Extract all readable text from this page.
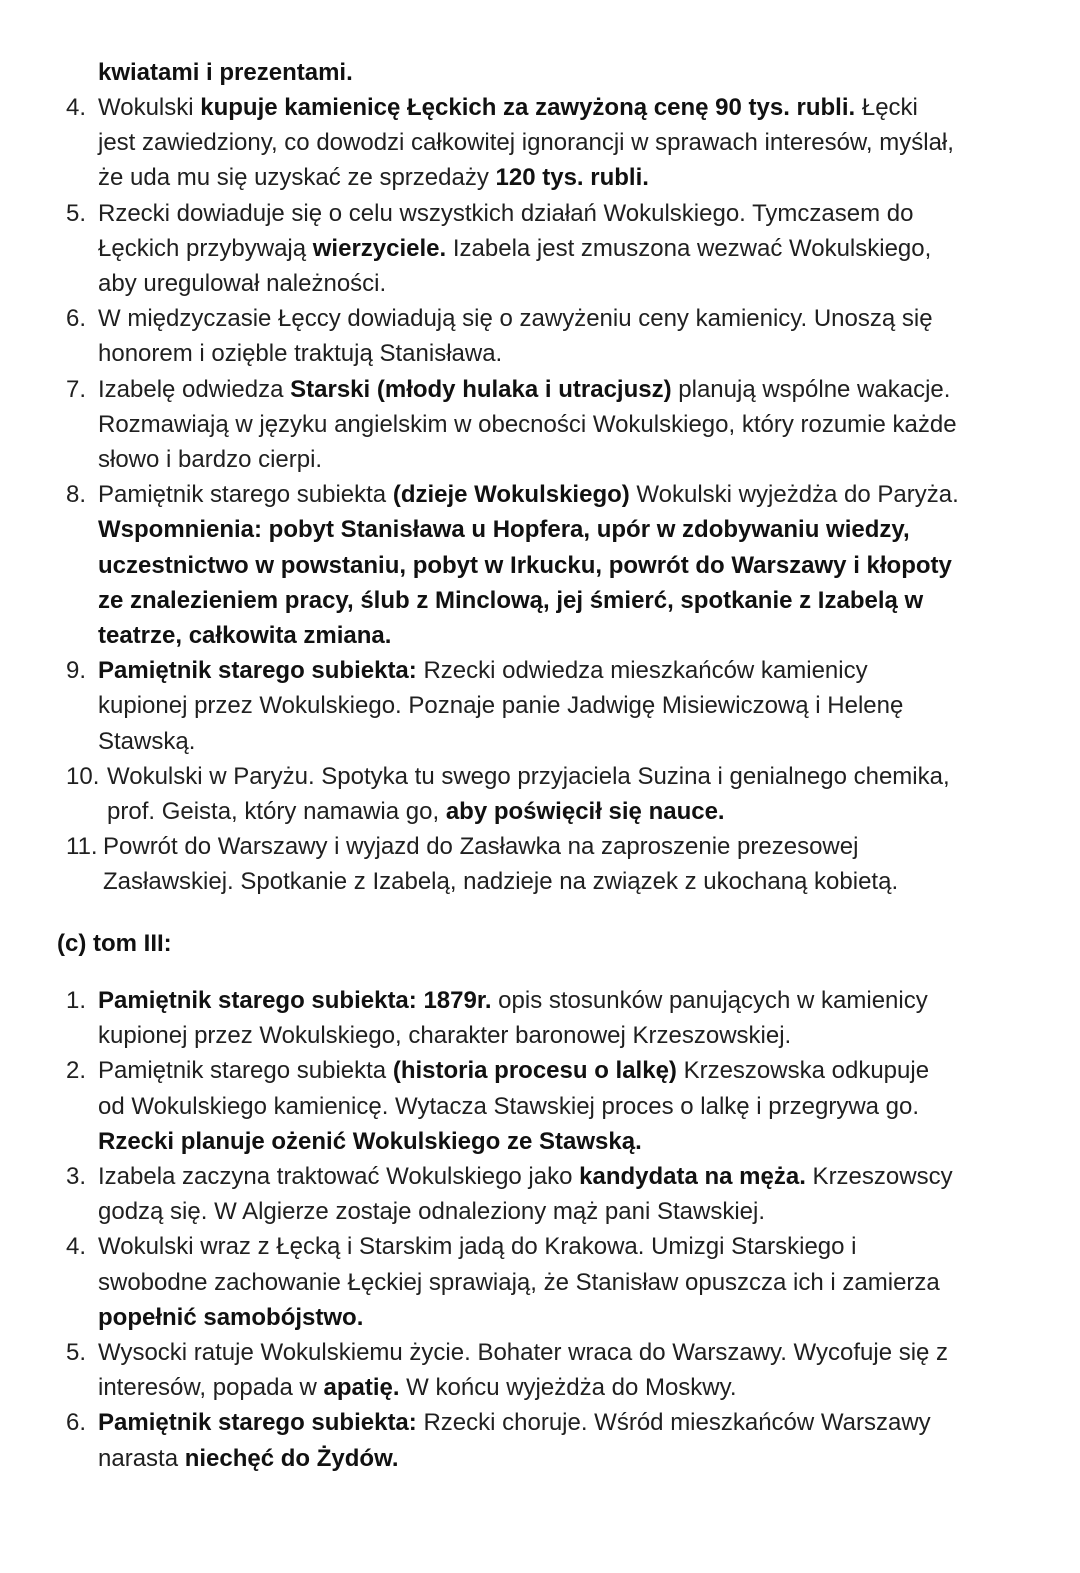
kwiatami i prezentami.

4. Wokulski kupuje kamienicę Łęckich za zawyżoną cenę 90 tys. rubli. Łęcki jest zawiedziony, co dowodzi całkowitej ignorancji w sprawach interesów, myślał, że uda mu się uzyskać ze sprzedaży 120 tys. rubli.
5. Rzecki dowiaduje się o celu wszystkich działań Wokulskiego. Tymczasem do Łęckich przybywają wierzyciele. Izabela jest zmuszona wezwać Wokulskiego, aby uregulował należności.
6. W międzyczasie Łęccy dowiadują się o zawyżeniu ceny kamienicy. Unoszą się honorem i ozięble traktują Stanisława.
7. Izabelę odwiedza Starski (młody hulaka i utracjusz) planują wspólne wakacje. Rozmawiają w języku angielskim w obecności Wokulskiego, który rozumie każde słowo i bardzo cierpi.
8. Pamiętnik starego subiekta (dzieje Wokulskiego) Wokulski wyjeżdża do Paryża. Wspomnienia: pobyt Stanisława u Hopfera, upór w zdobywaniu wiedzy, uczestnictwo w powstaniu, pobyt w Irkucku, powrót do Warszawy i kłopoty ze znalezieniem pracy, ślub z Minclową, jej śmierć, spotkanie z Izabelą w teatrze, całkowita zmiana.
9. Pamiętnik starego subiekta: Rzecki odwiedza mieszkańców kamienicy kupionej przez Wokulskiego. Poznaje panie Jadwigę Misiewiczową i Helenę Stawską.
10. Wokulski w Paryżu. Spotyka tu swego przyjaciela Suzina i genialnego chemika, prof. Geista, który namawia go, aby poświęcił się nauce.
11. Powrót do Warszawy i wyjazd do Zasławka na zaproszenie prezesowej Zasławskiej. Spotkanie z Izabelą, nadzieje na związek z ukochaną kobietą.

(c) tom III:

1. Pamiętnik starego subiekta: 1879r. opis stosunków panujących w kamienicy kupionej przez Wokulskiego, charakter baronowej Krzeszowskiej.
2. Pamiętnik starego subiekta (historia procesu o lalkę) Krzeszowska odkupuje od Wokulskiego kamienicę. Wytacza Stawskiej proces o lalkę i przegrywa go. Rzecki planuje ożenić Wokulskiego ze Stawską.
3. Izabela zaczyna traktować Wokulskiego jako kandydata na męża. Krzeszowscy godzą się. W Algierze zostaje odnaleziony mąż pani Stawskiej.
4. Wokulski wraz z Łęcką i Starskim jadą do Krakowa. Umizgi Starskiego i swobodne zachowanie Łęckiej sprawiają, że Stanisław opuszcza ich i zamierza popełnić samobójstwo.
5. Wysocki ratuje Wokulskiemu życie. Bohater wraca do Warszawy. Wycofuje się z interesów, popada w apatię. W końcu wyjeżdża do Moskwy.
6. Pamiętnik starego subiekta: Rzecki choruje. Wśród mieszkańców Warszawy narasta niechęć do Żydów.
